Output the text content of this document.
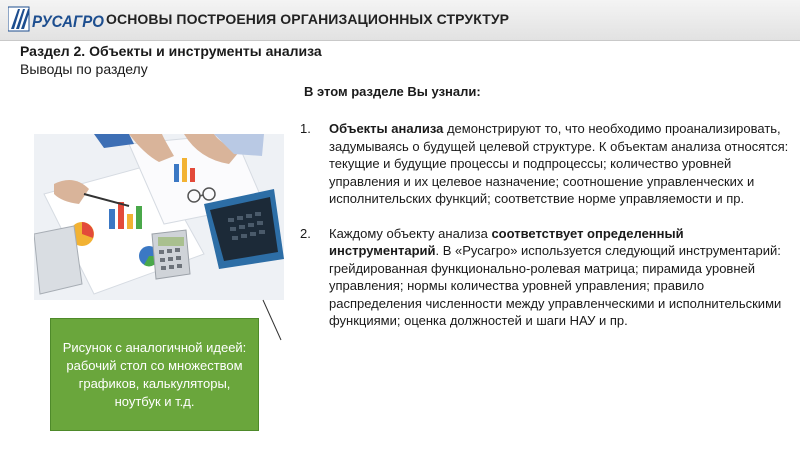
РУСАГРО ОСНОВЫ ПОСТРОЕНИЯ ОРГАНИЗАЦИОННЫХ СТРУКТУР
Раздел 2. Объекты и инструменты анализа
Выводы по разделу
Рисунок с аналогичной идеей: рабочий стол со множеством графиков, калькуляторы, ноутбук и т.д.
В этом разделе Вы узнали:
1. Объекты анализа демонстрируют то, что необходимо проанализировать, задумываясь о будущей целевой структуре. К объектам анализа относятся: текущие и будущие процессы и подпроцессы; количество уровней управления и их целевое назначение; соотношение управленческих и исполнительских функций; соответствие норме управляемости и пр.
2. Каждому объекту анализа соответствует определенный инструментарий. В «Русагро» используется следующий инструментарий: грейдированная функционально-ролевая матрица; пирамида уровней управления; нормы количества уровней управления; правило распределения численности между управленческими и исполнительскими функциями; оценка должностей и шаги НАУ и пр.
